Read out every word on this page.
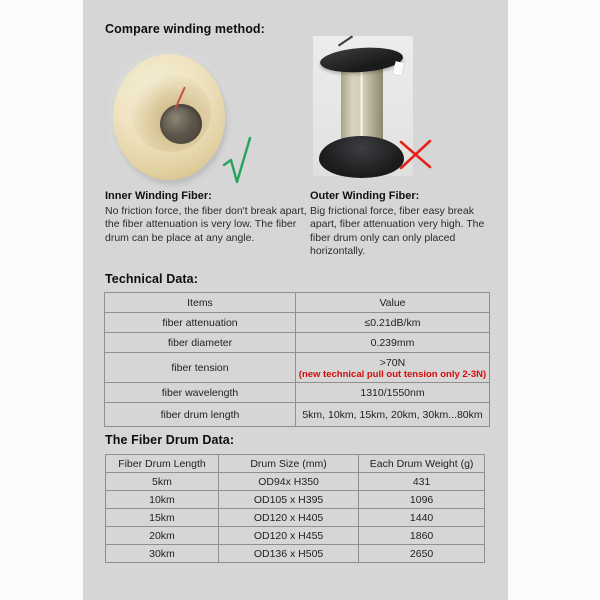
Compare winding method:
Inner Winding Fiber:
No friction force, the fiber don't break apart, the fiber attenuation is very low. The fiber drum can be place at any angle.
Outer Winding Fiber:
Big frictional force, fiber easy break apart, fiber attenuation very high. The fiber drum only can only placed horizontally.
Technical Data:
Items	Value
fiber attenuation	≤0.21dB/km
fiber diameter	0.239mm
fiber tension	>70N
(new technical pull out tension only 2-3N)

fiber wavelength	1310/1550nm
fiber drum length	5km, 10km, 15km, 20km, 30km...80km
The Fiber Drum Data:
Fiber Drum Length	Drum Size (mm)	Each Drum Weight (g)
5km	OD94x H350	431
10km	OD105 x H395	1096
15km	OD120 x H405	1440
20km	OD120 x H455	1860
30km	OD136 x H505	2650
